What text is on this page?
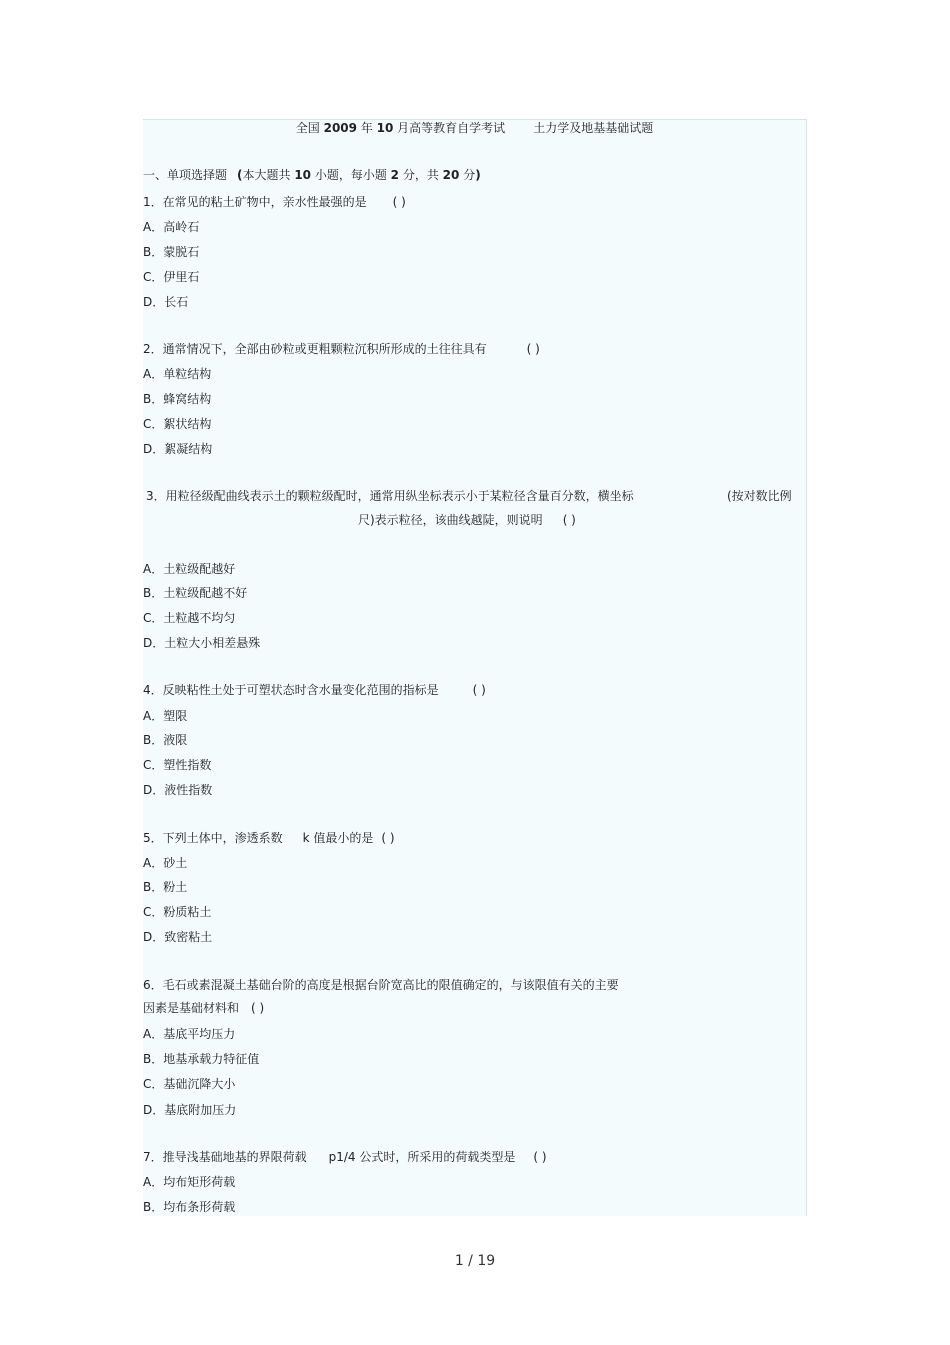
全国 2009 年 10 月高等教育自学考试 土力学及地基基础试题
一、单项选择题 (本大题共 10 小题，每小题 2 分，共 20 分)
1．在常见的粘土矿物中，亲水性最强的是 ( )
A．高岭石
B．蒙脱石
C．伊里石
D．长石
2．通常情况下，全部由砂粒或更粗颗粒沉积所形成的土往往具有	( )
A．单粒结构
B．蜂窝结构
C．絮状结构
D．絮凝结构
3．用粒径级配曲线表示土的颗粒级配时，通常用纵坐标表示小于某粒径含量百分数，横坐标	(按对数比例
尺)表示粒径，该曲线越陡，则说明 ( )
A．土粒级配越好
B．土粒级配越不好
C．土粒越不均匀
D．土粒大小相差悬殊
4．反映粘性土处于可塑状态时含水量变化范围的指标是	( )
A．塑限
B．液限
C．塑性指数
D．液性指数
5．下列土体中，渗透系数 k 值最小的是 ( )
A．砂土
B．粉土
C．粉质粘土
D．致密粘土
6．毛石或素混凝土基础台阶的高度是根据台阶宽高比的限值确定的，与该限值有关的主要
因素是基础材料和 ( )
A．基底平均压力
B．地基承载力特征值
C．基础沉降大小
D．基底附加压力
7．推导浅基础地基的界限荷载 p1/4 公式时，所采用的荷载类型是 ( )
A．均布矩形荷载
B．均布条形荷载
1 / 19
